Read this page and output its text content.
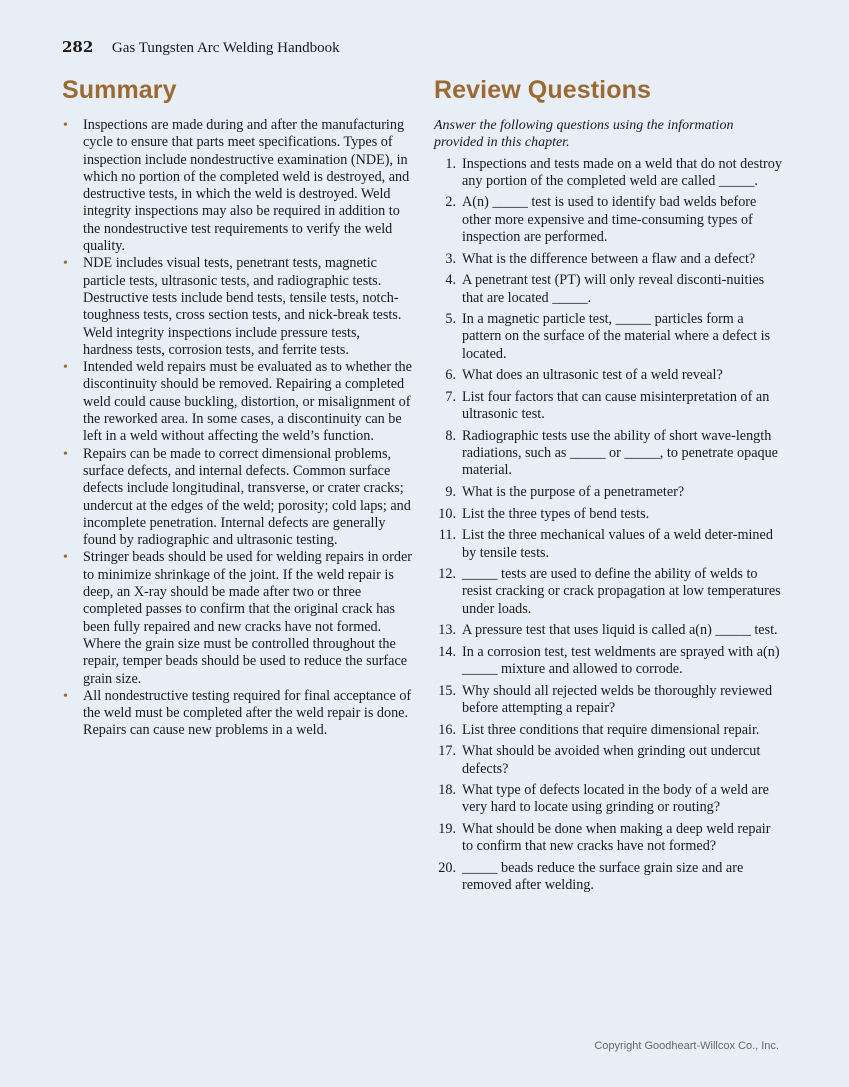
282 Gas Tungsten Arc Welding Handbook
Summary
• Inspections are made during and after the manufacturing cycle to ensure that parts meet specifications. Types of inspection include nondestructive examination (NDE), in which no portion of the completed weld is destroyed, and destructive tests, in which the weld is destroyed. Weld integrity inspections may also be required in addition to the nondestructive test requirements to verify the weld quality.
• NDE includes visual tests, penetrant tests, magnetic particle tests, ultrasonic tests, and radiographic tests. Destructive tests include bend tests, tensile tests, notch-toughness tests, cross section tests, and nick-break tests. Weld integrity inspections include pressure tests, hardness tests, corrosion tests, and ferrite tests.
• Intended weld repairs must be evaluated as to whether the discontinuity should be removed. Repairing a completed weld could cause buckling, distortion, or misalignment of the reworked area. In some cases, a discontinuity can be left in a weld without affecting the weld’s function.
• Repairs can be made to correct dimensional problems, surface defects, and internal defects. Common surface defects include longitudinal, transverse, or crater cracks; undercut at the edges of the weld; porosity; cold laps; and incomplete penetration. Internal defects are generally found by radiographic and ultrasonic testing.
• Stringer beads should be used for welding repairs in order to minimize shrinkage of the joint. If the weld repair is deep, an X-ray should be made after two or three completed passes to confirm that the original crack has been fully repaired and new cracks have not formed. Where the grain size must be controlled throughout the repair, temper beads should be used to reduce the surface grain size.
• All nondestructive testing required for final acceptance of the weld must be completed after the weld repair is done. Repairs can cause new problems in a weld.
Review Questions

Answer the following questions using the information provided in this chapter.

1. Inspections and tests made on a weld that do not destroy any portion of the completed weld are called _____.
2. A(n) _____ test is used to identify bad welds before other more expensive and time-consuming types of inspection are performed.
3. What is the difference between a flaw and a defect?
4. A penetrant test (PT) will only reveal disconti-nuities that are located _____.
5. In a magnetic particle test, _____ particles form a pattern on the surface of the material where a defect is located.
6. What does an ultrasonic test of a weld reveal?
7. List four factors that can cause misinterpretation of an ultrasonic test.
8. Radiographic tests use the ability of short wave-length radiations, such as _____ or _____, to penetrate opaque material.
9. What is the purpose of a penetrameter?
10. List the three types of bend tests.
11. List the three mechanical values of a weld deter-mined by tensile tests.
12. _____ tests are used to define the ability of welds to resist cracking or crack propagation at low temperatures under loads.
13. A pressure test that uses liquid is called a(n) _____ test.
14. In a corrosion test, test weldments are sprayed with a(n) _____ mixture and allowed to corrode.
15. Why should all rejected welds be thoroughly reviewed before attempting a repair?
16. List three conditions that require dimensional repair.
17. What should be avoided when grinding out undercut defects?
18. What type of defects located in the body of a weld are very hard to locate using grinding or routing?
19. What should be done when making a deep weld repair to confirm that new cracks have not formed?
20. _____ beads reduce the surface grain size and are removed after welding.
Copyright Goodheart-Willcox Co., Inc.
